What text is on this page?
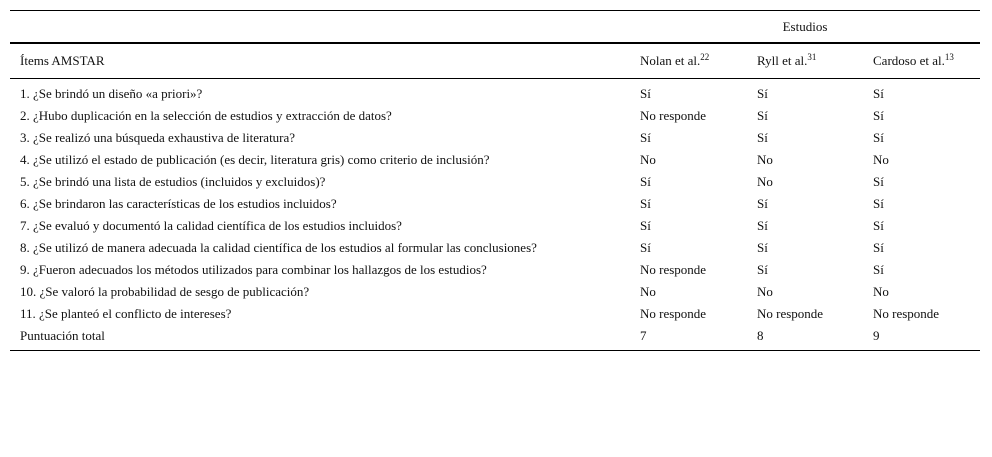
	Estudios		
Ítems AMSTAR	Nolan et al.$^{22}$	Ryll et al.$^{31}$	Cardoso et al.$^{13}$
1. ¿Se brindó un diseño «a priori»?	Sí	Sí	Sí
2. ¿Hubo duplicación en la selección de estudios y extracción de datos?	No responde	Sí	Sí
3. ¿Se realizó una búsqueda exhaustiva de literatura?	Sí	Sí	Sí
4. ¿Se utilizó el estado de publicación (es decir, literatura gris) como criterio de inclusión?	No	No	No
5. ¿Se brindó una lista de estudios (incluidos y excluidos)?	Sí	No	Sí
6. ¿Se brindaron las características de los estudios incluidos?	Sí	Sí	Sí
7. ¿Se evaluó y documentó la calidad científica de los estudios incluidos?	Sí	Sí	Sí
8. ¿Se utilizó de manera adecuada la calidad científica de los estudios al formular las conclusiones?	Sí	Sí	Sí
9. ¿Fueron adecuados los métodos utilizados para combinar los hallazgos de los estudios?	No responde	Sí	Sí
10. ¿Se valoró la probabilidad de sesgo de publicación?	No	No	No
11. ¿Se planteó el conflicto de intereses?	No responde	No responde	No responde
Puntuación total	7	8	9
